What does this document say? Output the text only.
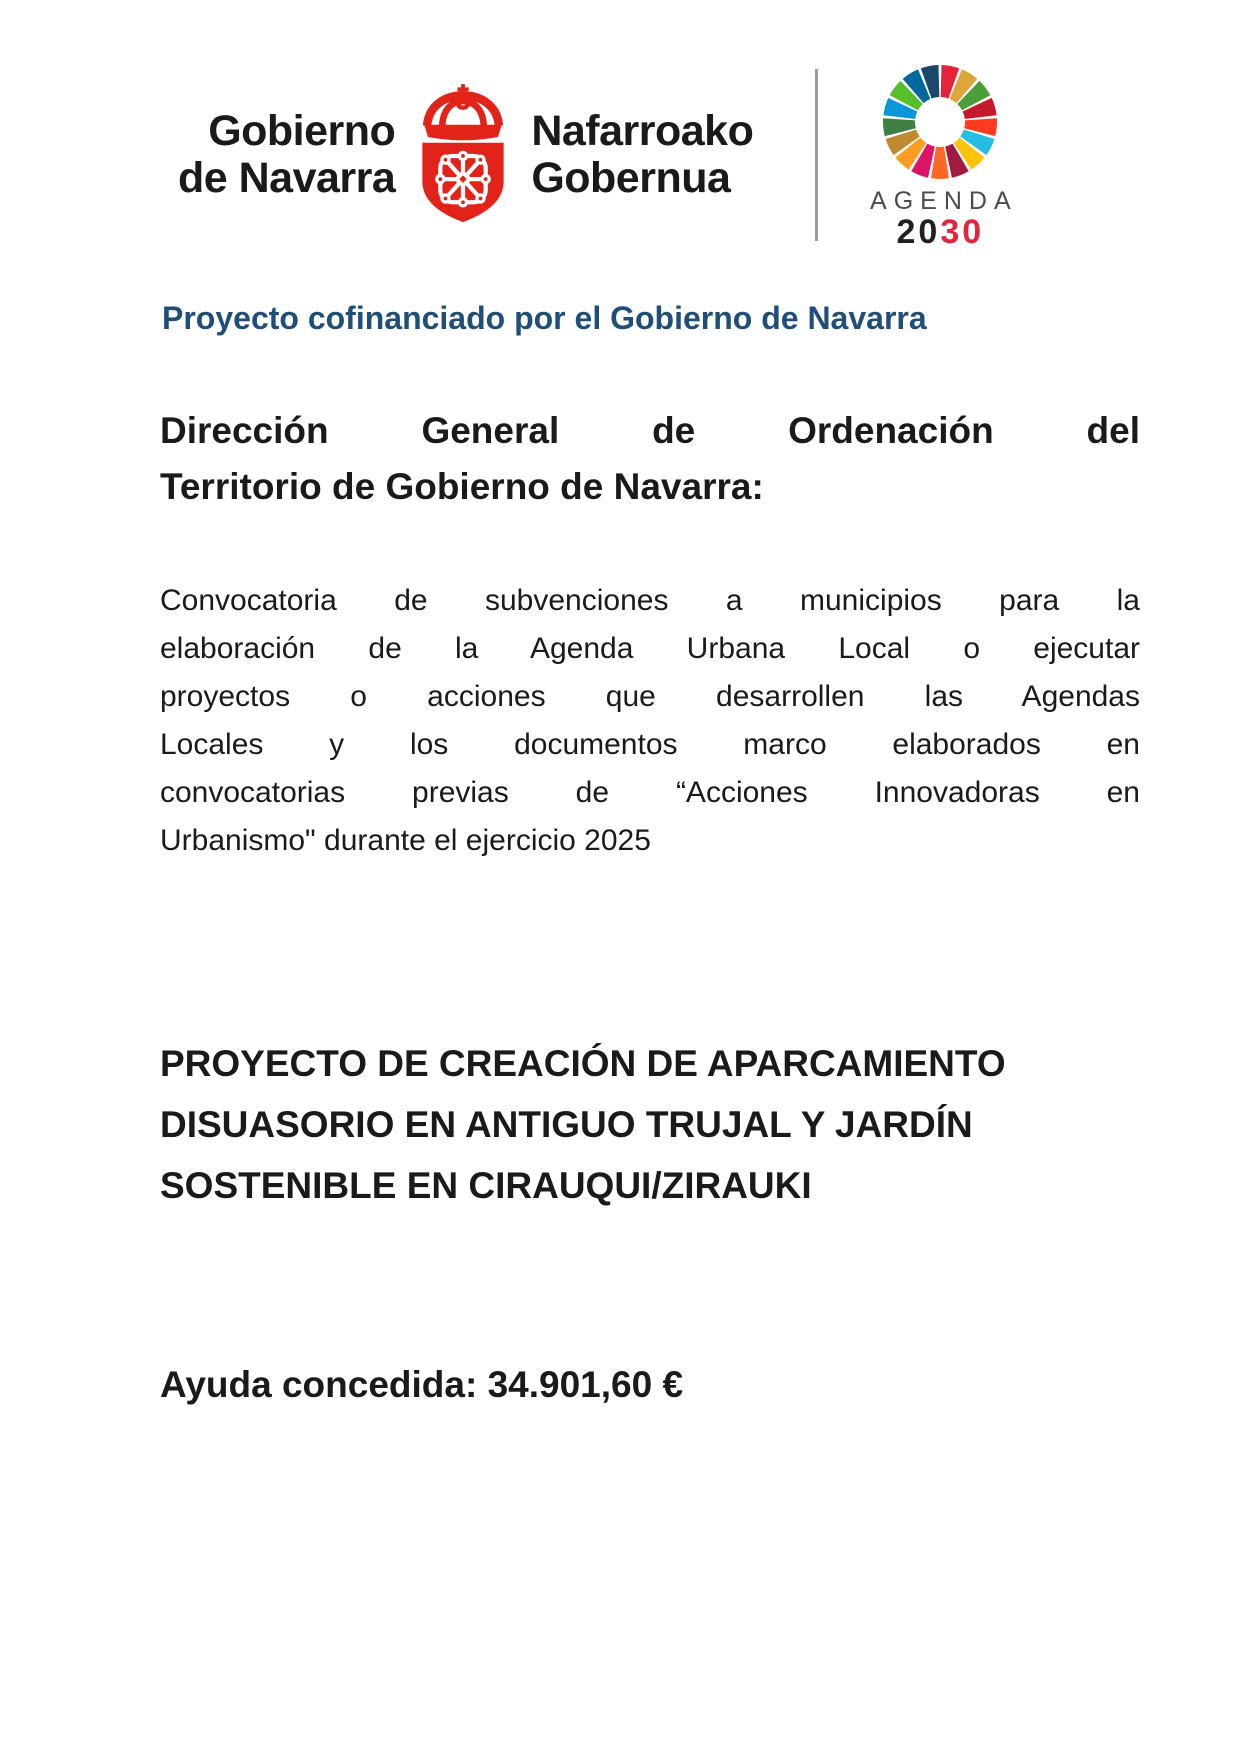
Gobierno
de Navarra
Nafarroako
Gobernua	AGENDA
2030

Proyecto cofinanciado por el Gobierno de Navarra

Dirección General de Ordenación del
Territorio de Gobierno de Navarra:
Convocatoria de subvenciones a municipios para la
elaboración de la Agenda Urbana Local o ejecutar
proyectos o acciones que desarrollen las Agendas
Locales y los documentos marco elaborados en
convocatorias previas de “Acciones Innovadoras en
Urbanismo" durante el ejercicio 2025
PROYECTO DE CREACIÓN DE APARCAMIENTO
DISUASORIO EN ANTIGUO TRUJAL Y JARDÍN
SOSTENIBLE EN CIRAUQUI/ZIRAUKI

Ayuda concedida: 34.901,60 €
